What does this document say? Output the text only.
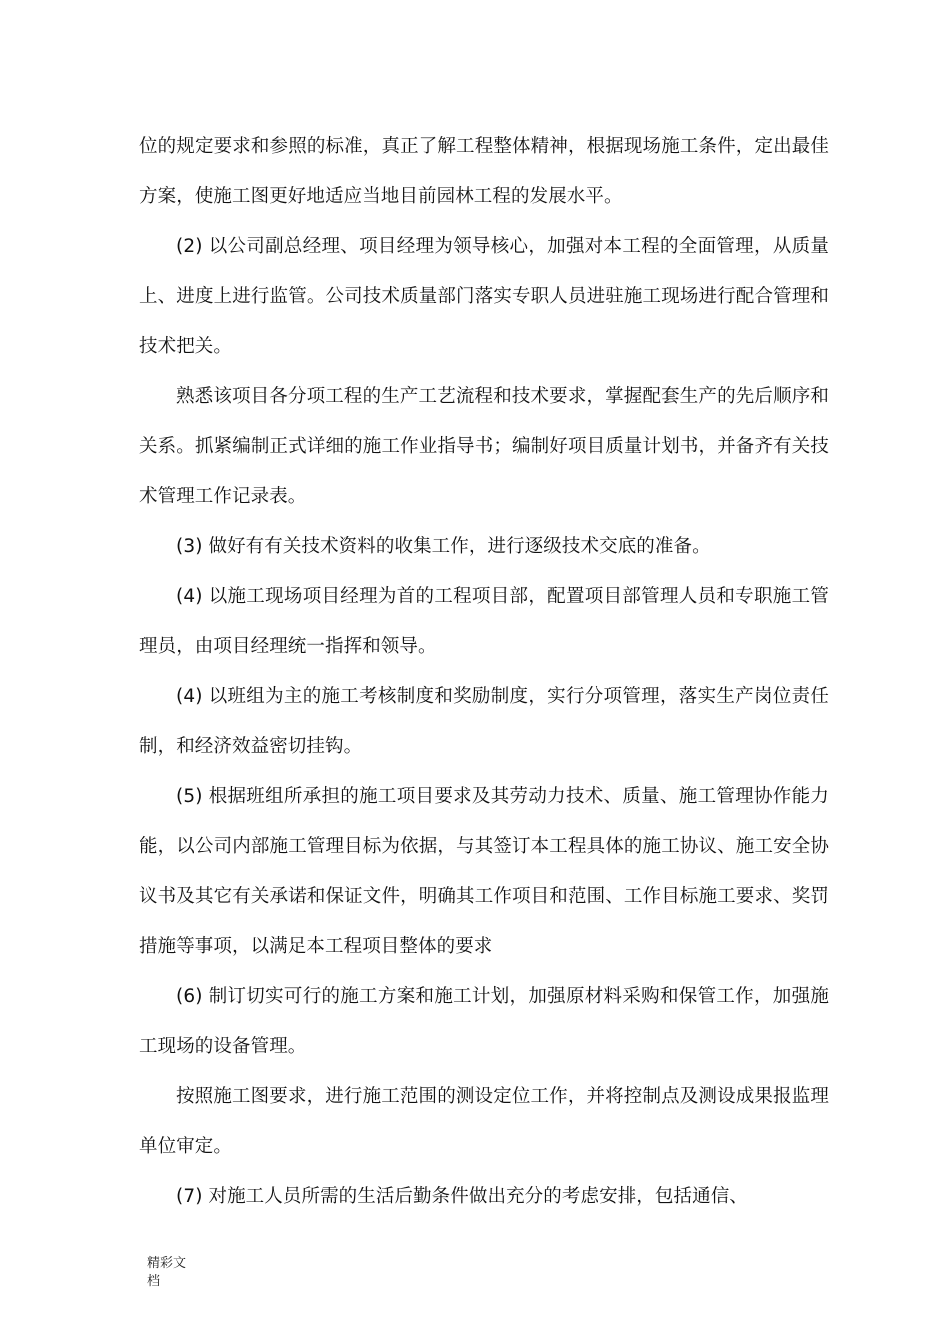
位的规定要求和参照的标准，真正了解工程整体精神，根据现场施工条件，定出最佳方案，使施工图更好地适应当地目前园林工程的发展水平。

(2) 以公司副总经理、项目经理为领导核心，加强对本工程的全面管理，从质量上、进度上进行监管。公司技术质量部门落实专职人员进驻施工现场进行配合管理和技术把关。

熟悉该项目各分项工程的生产工艺流程和技术要求，掌握配套生产的先后顺序和关系。抓紧编制正式详细的施工作业指导书；编制好项目质量计划书，并备齐有关技术管理工作记录表。

(3) 做好有有关技术资料的收集工作，进行逐级技术交底的准备。

(4) 以施工现场项目经理为首的工程项目部，配置项目部管理人员和专职施工管理员，由项目经理统一指挥和领导。

(4) 以班组为主的施工考核制度和奖励制度，实行分项管理，落实生产岗位责任制，和经济效益密切挂钩。

(5) 根据班组所承担的施工项目要求及其劳动力技术、质量、施工管理协作能力能，以公司内部施工管理目标为依据，与其签订本工程具体的施工协议、施工安全协议书及其它有关承诺和保证文件，明确其工作项目和范围、工作目标施工要求、奖罚措施等事项，以满足本工程项目整体的要求

(6) 制订切实可行的施工方案和施工计划，加强原材料采购和保管工作，加强施工现场的设备管理。

按照施工图要求，进行施工范围的测设定位工作，并将控制点及测设成果报监理单位审定。

(7) 对施工人员所需的生活后勤条件做出充分的考虑安排，包括通信、

精彩文
档
